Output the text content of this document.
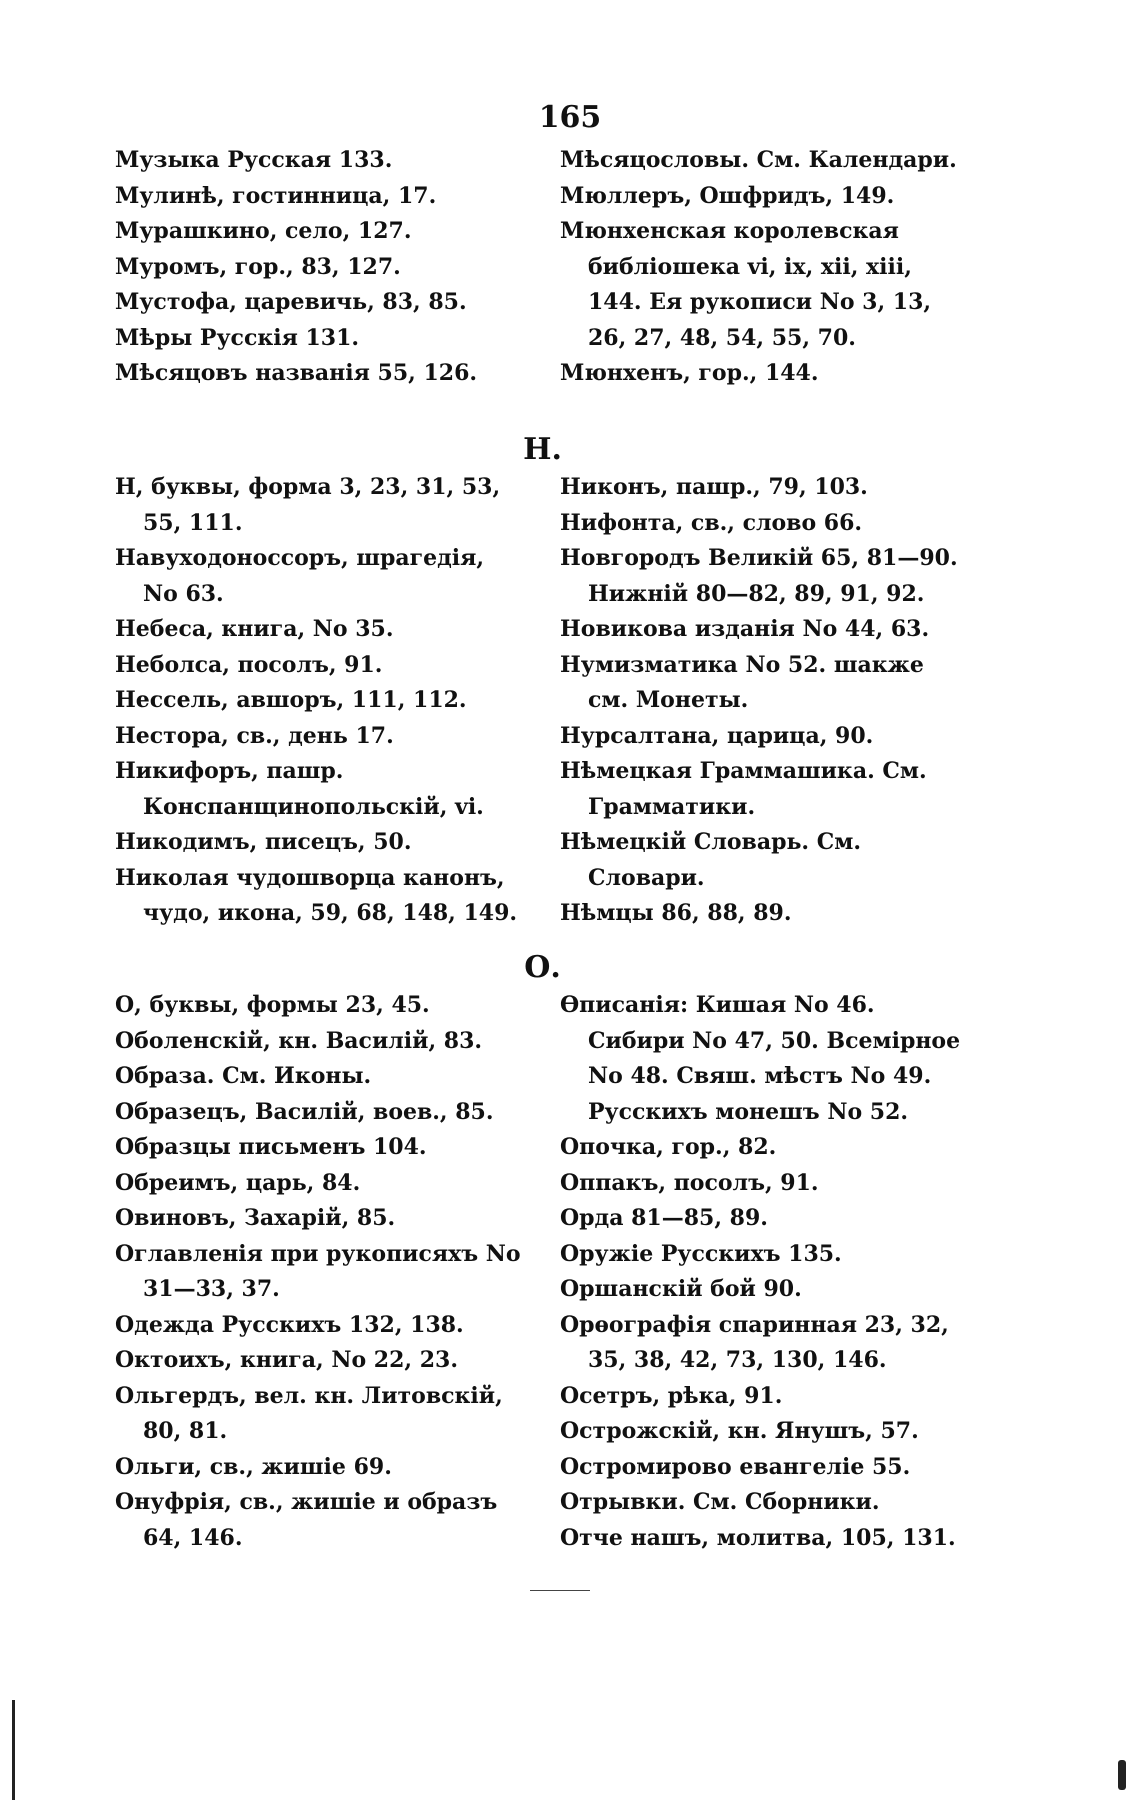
165
Музыка Русская 133.
Мулинѣ, гостинница, 17.
Мурашкино, село, 127.
Муромъ, гор., 83, 127.
Мустофа, царевичь, 83, 85.
Мѣры Русскія 131.
Мѣсяцовъ названія 55, 126.
Мѣсяцословы. См. Календари.
Мюллеръ, Ошфридъ, 149.
Мюнхенская королевская библіошека vi, ix, xii, xiii, 144. Ея рукописи No 3, 13, 26, 27, 48, 54, 55, 70.
Мюнхенъ, гор., 144.
Н.
Н, буквы, форма 3, 23, 31, 53, 55, 111.
Навуходоноссоръ, шрагедія, No 63.
Небеса, книга, No 35.
Неболса, посолъ, 91.
Нессель, авшоръ, 111, 112.
Нестора, св., день 17.
Никифоръ, пашр. Конспанщинопольскій, vi.
Никодимъ, писецъ, 50.
Николая чудошворца канонъ, чудо, икона, 59, 68, 148, 149.
Никонъ, пашр., 79, 103.
Нифонта, св., слово 66.
Новгородъ Великій 65, 81—90. Нижній 80—82, 89, 91, 92.
Новикова изданія No 44, 63.
Нумизматика No 52. шакже см. Монеты.
Нурсалтана, царица, 90.
Нѣмецкая Граммашика. См. Грамматики.
Нѣмецкій Словарь. См. Словари.
Нѣмцы 86, 88, 89.
О.
О, буквы, формы 23, 45.
Оболенскій, кн. Василій, 83.
Образа. См. Иконы.
Образецъ, Василій, воев., 85.
Образцы письменъ 104.
Обреимъ, царь, 84.
Овиновъ, Захарій, 85.
Оглавленія при рукописяхъ No 31—33, 37.
Одежда Русскихъ 132, 138.
Октоихъ, книга, No 22, 23.
Ольгердъ, вел. кн. Литовскій, 80, 81.
Ольги, св., жишіе 69.
Онуфрія, св., жишіе и образъ 64, 146.
Ѳписанія: Кишая No 46. Сибири No 47, 50. Всемірное No 48. Свяш. мѣстъ No 49. Русскихъ монешъ No 52.
Опочка, гор., 82.
Оппакъ, посолъ, 91.
Орда 81—85, 89.
Оружіе Русскихъ 135.
Оршанскій бой 90.
Орѳографія спаринная 23, 32, 35, 38, 42, 73, 130, 146.
Осетръ, рѣка, 91.
Острожскій, кн. Янушъ, 57.
Остромирово евангеліе 55.
Отрывки. См. Сборники.
Отче нашъ, молитва, 105, 131.
